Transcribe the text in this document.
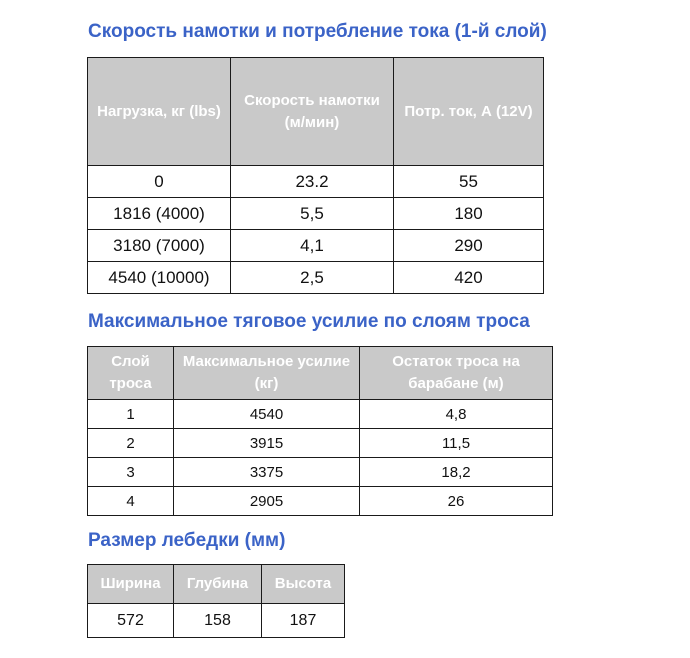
Скорость намотки и потребление тока (1-й слой)
Нагрузка, кг (lbs)	Скорость намотки (м/мин)	Потр. ток, А (12V)
0	23.2	55
1816 (4000)	5,5	180
3180 (7000)	4,1	290
4540 (10000)	2,5	420
Максимальное тяговое усилие по слоям троса
Слой троса	Максимальное усилие (кг)	Остаток троса на барабане (м)
1	4540	4,8
2	3915	11,5
3	3375	18,2
4	2905	26
Размер лебедки (мм)
Ширина	Глубина	Высота
572	158	187
